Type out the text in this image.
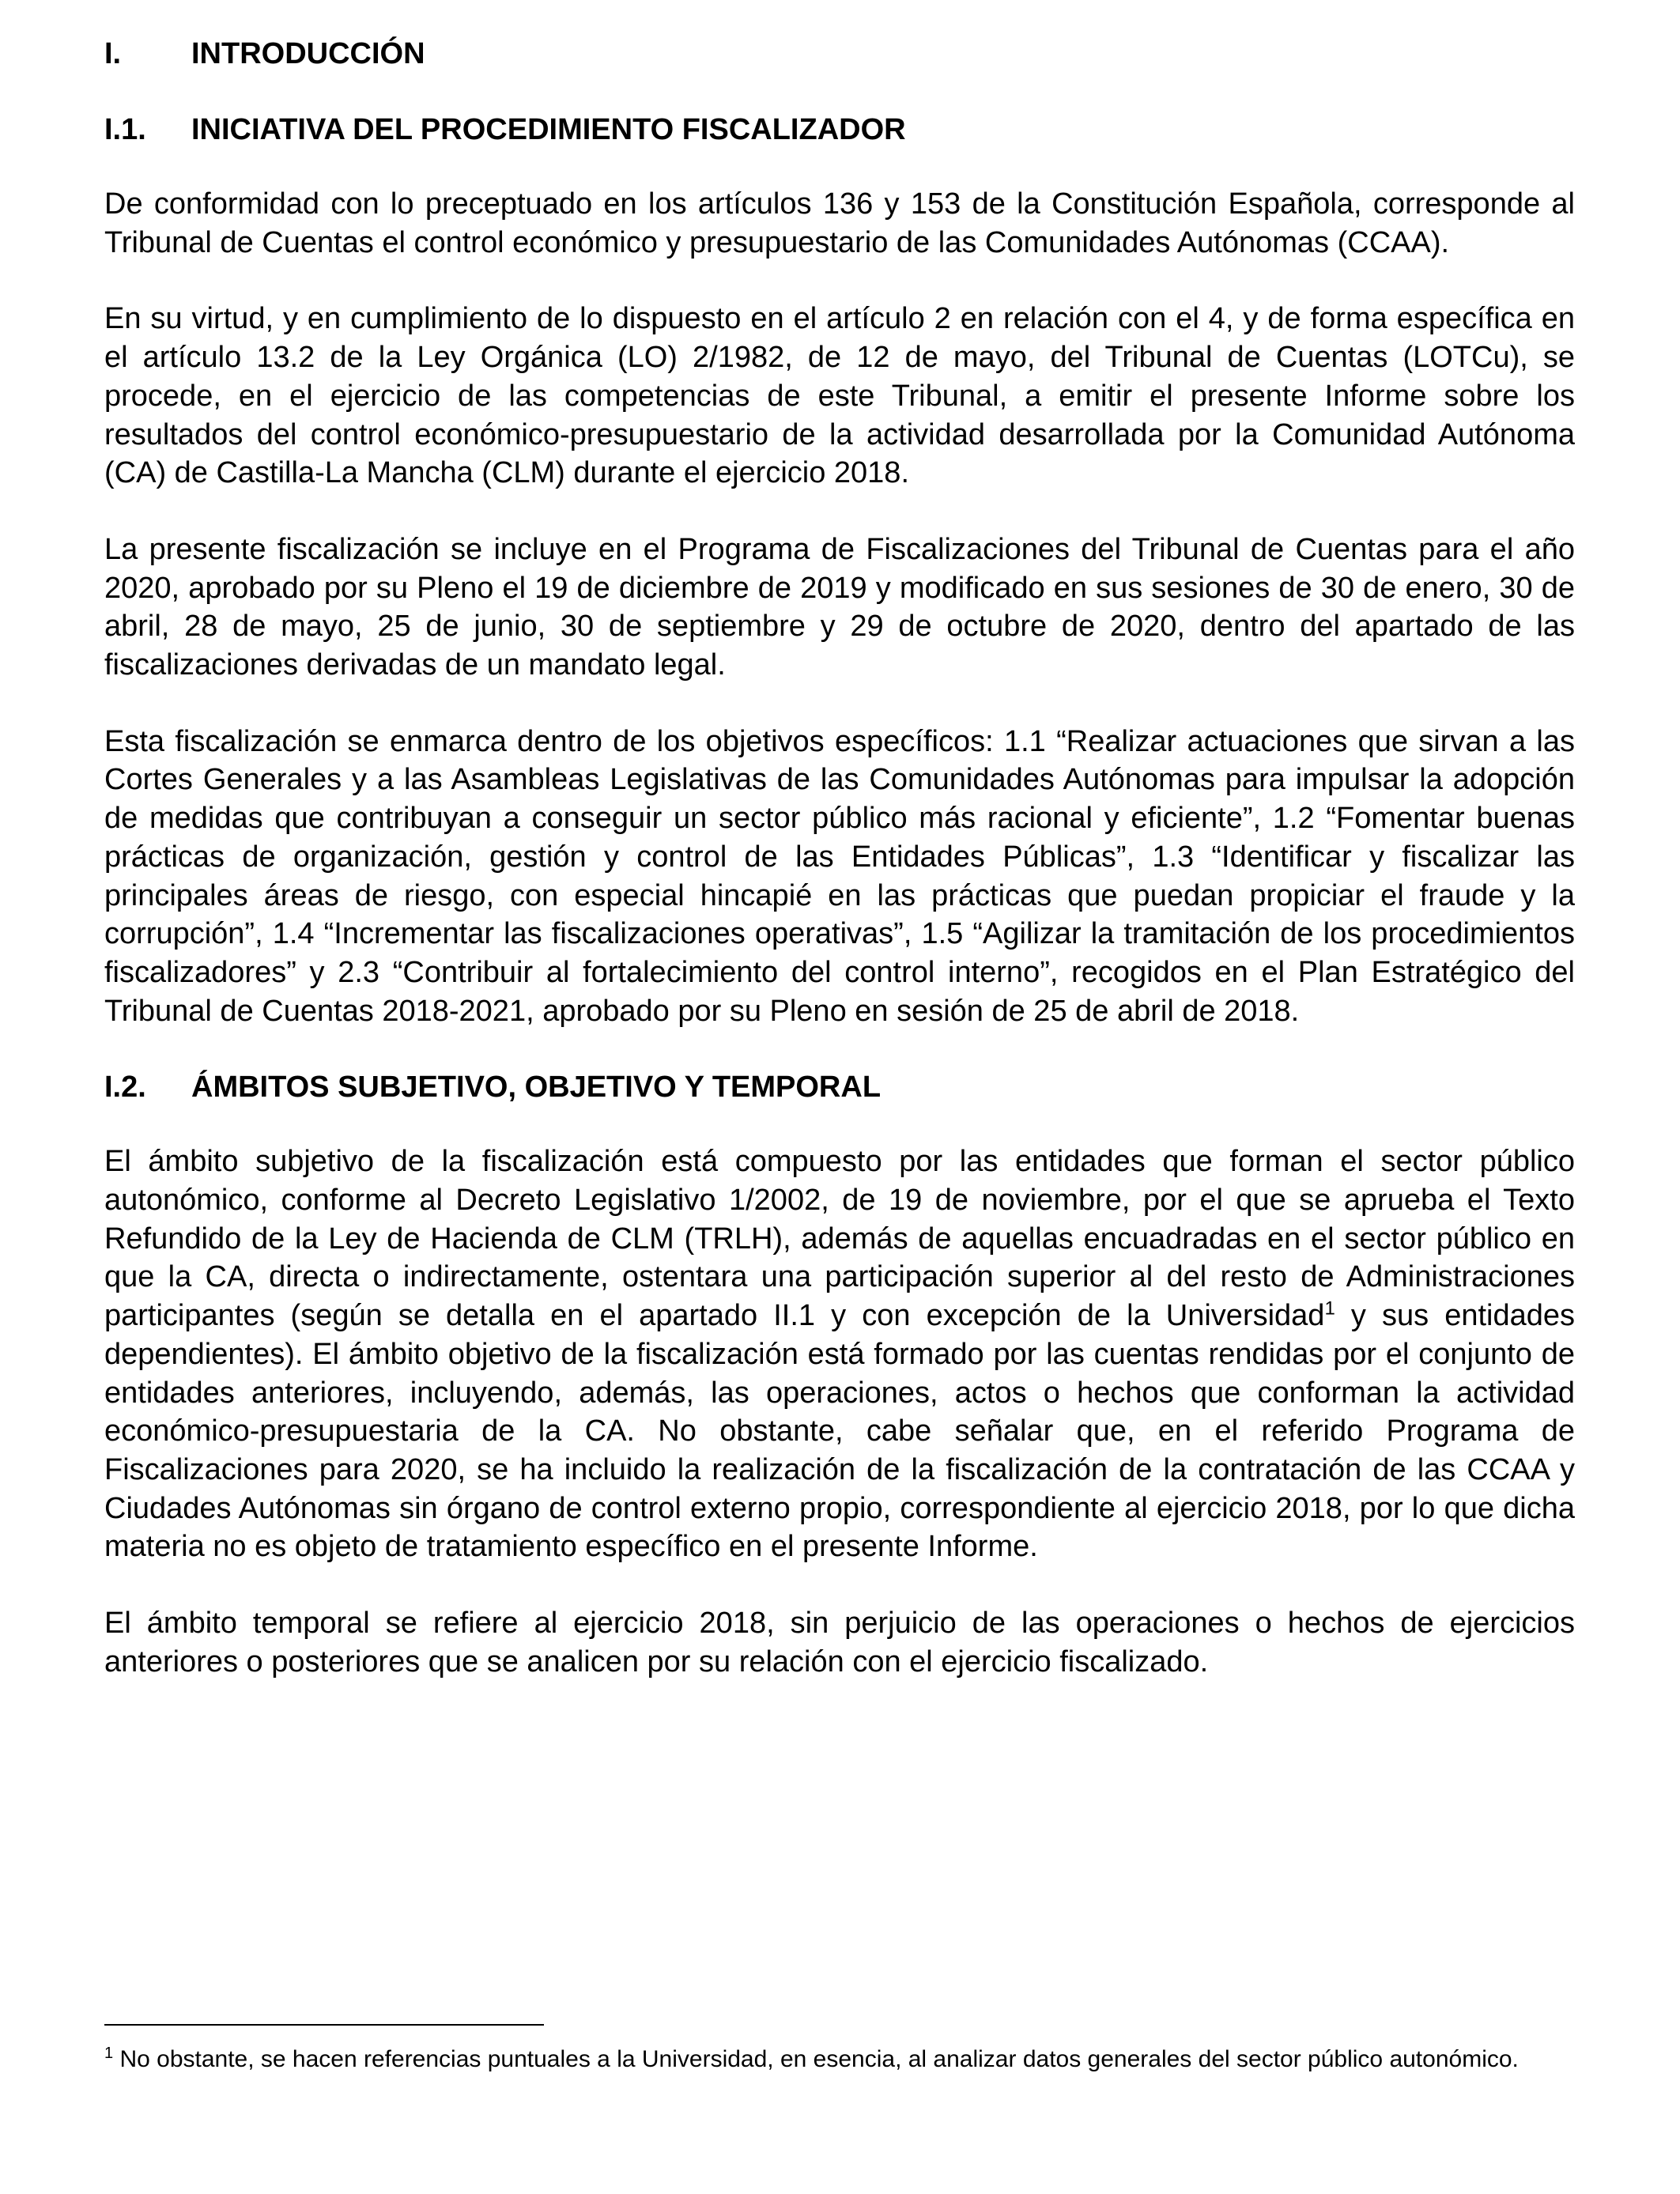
I.	INTRODUCCIÓN
I.1.	INICIATIVA DEL PROCEDIMIENTO FISCALIZADOR

De conformidad con lo preceptuado en los artículos 136 y 153 de la Constitución Española, corresponde al Tribunal de Cuentas el control económico y presupuestario de las Comunidades Autónomas (CCAA).

En su virtud, y en cumplimiento de lo dispuesto en el artículo 2 en relación con el 4, y de forma específica en el artículo 13.2 de la Ley Orgánica (LO) 2/1982, de 12 de mayo, del Tribunal de Cuentas (LOTCu), se procede, en el ejercicio de las competencias de este Tribunal, a emitir el presente Informe sobre los resultados del control económico-presupuestario de la actividad desarrollada por la Comunidad Autónoma (CA) de Castilla-La Mancha (CLM) durante el ejercicio 2018.

La presente fiscalización se incluye en el Programa de Fiscalizaciones del Tribunal de Cuentas para el año 2020, aprobado por su Pleno el 19 de diciembre de 2019 y modificado en sus sesiones de 30 de enero, 30 de abril, 28 de mayo, 25 de junio, 30 de septiembre y 29 de octubre de 2020, dentro del apartado de las fiscalizaciones derivadas de un mandato legal.

Esta fiscalización se enmarca dentro de los objetivos específicos: 1.1 “Realizar actuaciones que sirvan a las Cortes Generales y a las Asambleas Legislativas de las Comunidades Autónomas para impulsar la adopción de medidas que contribuyan a conseguir un sector público más racional y eficiente”, 1.2 “Fomentar buenas prácticas de organización, gestión y control de las Entidades Públicas”, 1.3 “Identificar y fiscalizar las principales áreas de riesgo, con especial hincapié en las prácticas que puedan propiciar el fraude y la corrupción”, 1.4 “Incrementar las fiscalizaciones operativas”, 1.5 “Agilizar la tramitación de los procedimientos fiscalizadores” y 2.3 “Contribuir al fortalecimiento del control interno”, recogidos en el Plan Estratégico del Tribunal de Cuentas 2018-2021, aprobado por su Pleno en sesión de 25 de abril de 2018.

I.2.	ÁMBITOS SUBJETIVO, OBJETIVO Y TEMPORAL

El ámbito subjetivo de la fiscalización está compuesto por las entidades que forman el sector público autonómico, conforme al Decreto Legislativo 1/2002, de 19 de noviembre, por el que se aprueba el Texto Refundido de la Ley de Hacienda de CLM (TRLH), además de aquellas encuadradas en el sector público en que la CA, directa o indirectamente, ostentara una participación superior al del resto de Administraciones participantes (según se detalla en el apartado II.1 y con excepción de la Universidad$^1$ y sus entidades dependientes). El ámbito objetivo de la fiscalización está formado por las cuentas rendidas por el conjunto de entidades anteriores, incluyendo, además, las operaciones, actos o hechos que conforman la actividad económico-presupuestaria de la CA. No obstante, cabe señalar que, en el referido Programa de Fiscalizaciones para 2020, se ha incluido la realización de la fiscalización de la contratación de las CCAA y Ciudades Autónomas sin órgano de control externo propio, correspondiente al ejercicio 2018, por lo que dicha materia no es objeto de tratamiento específico en el presente Informe.

El ámbito temporal se refiere al ejercicio 2018, sin perjuicio de las operaciones o hechos de ejercicios anteriores o posteriores que se analicen por su relación con el ejercicio fiscalizado.

$^1$ No obstante, se hacen referencias puntuales a la Universidad, en esencia, al analizar datos generales del sector público autonómico.
